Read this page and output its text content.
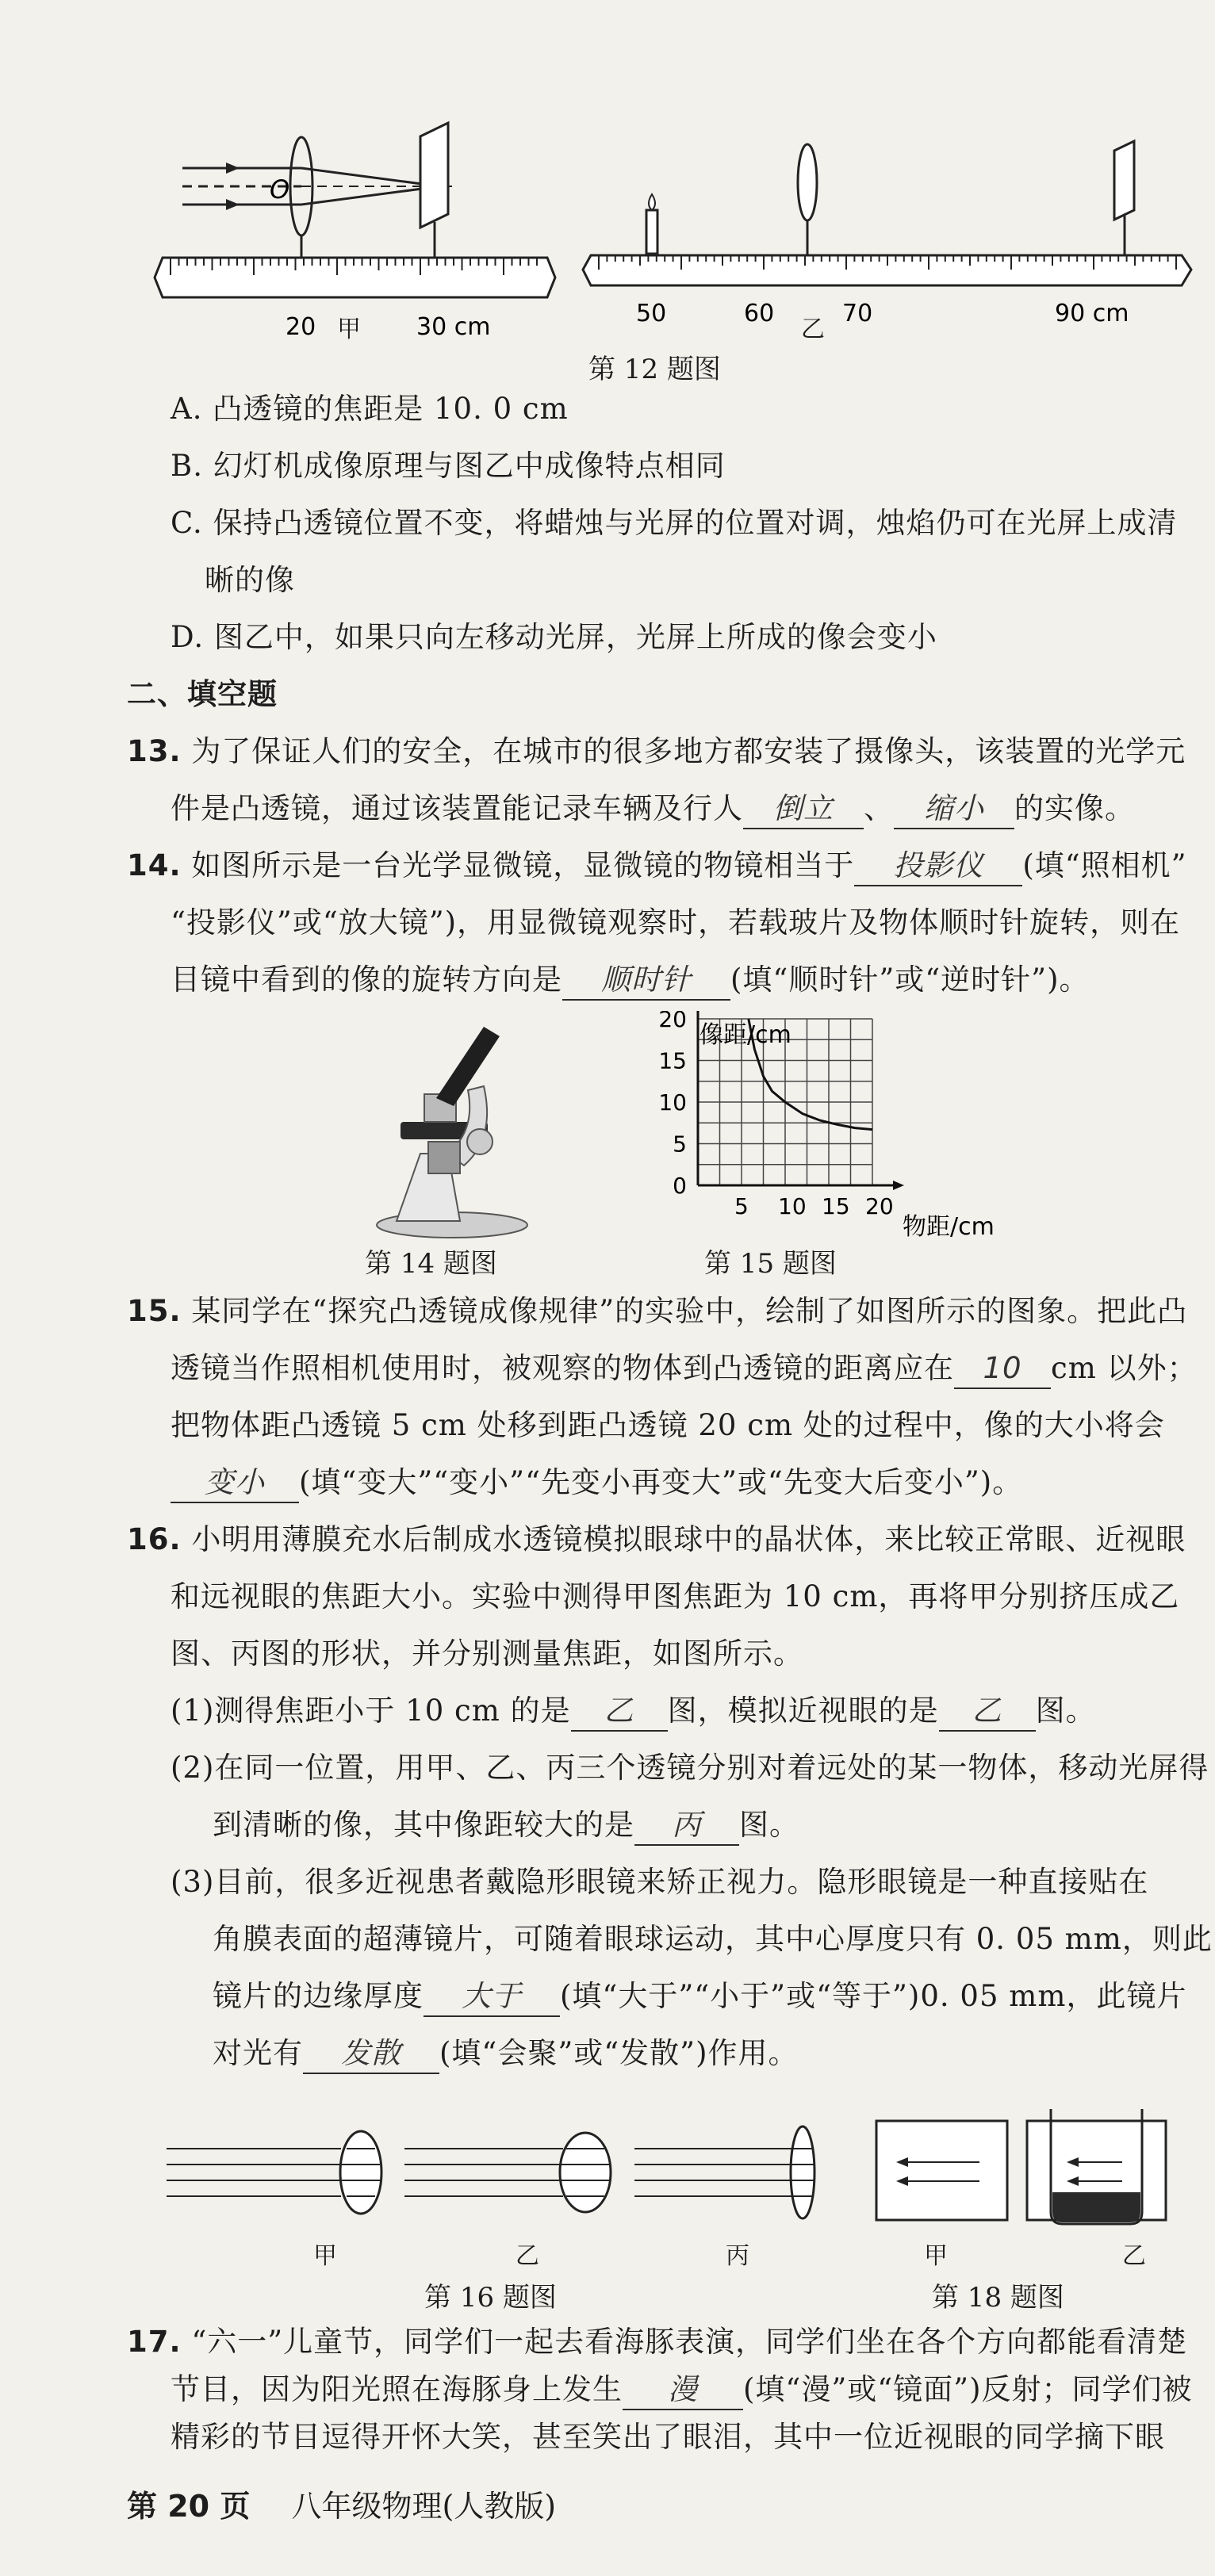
O
20	30 cm	50	60	70	90 cm
甲	乙
第 12 题图
A. 凸透镜的焦距是 10. 0 cm
B. 幻灯机成像原理与图乙中成像特点相同
C. 保持凸透镜位置不变，将蜡烛与光屏的位置对调，烛焰仍可在光屏上成清
晰的像
D. 图乙中，如果只向左移动光屏，光屏上所成的像会变小
二、填空题
13. 为了保证人们的安全，在城市的很多地方都安装了摄像头，该装置的光学元
件是凸透镜，通过该装置能记录车辆及行人 倒立 、 缩小 的实像。
14. 如图所示是一台光学显微镜，显微镜的物镜相当于 投影仪 (填“照相机”
“投影仪”或“放大镜”)，用显微镜观察时，若载玻片及物体顺时针旋转，则在
目镜中看到的像的旋转方向是 顺时针 (填“顺时针”或“逆时针”)。
第 14 题图
5 10 15 20
0
5
10
15
20
像距/cm
物距/cm
第 15 题图
15. 某同学在“探究凸透镜成像规律”的实验中，绘制了如图所示的图象。把此凸
透镜当作照相机使用时，被观察的物体到凸透镜的距离应在 10 cm 以外；
把物体距凸透镜 5 cm 处移到距凸透镜 20 cm 处的过程中，像的大小将会
变小 (填“变大”“变小”“先变小再变大”或“先变大后变小”)。
16. 小明用薄膜充水后制成水透镜模拟眼球中的晶状体，来比较正常眼、近视眼
和远视眼的焦距大小。实验中测得甲图焦距为 10 cm，再将甲分别挤压成乙
图、丙图的形状，并分别测量焦距，如图所示。
(1)测得焦距小于 10 cm 的是 乙 图，模拟近视眼的是 乙 图。
(2)在同一位置，用甲、乙、丙三个透镜分别对着远处的某一物体，移动光屏得
到清晰的像，其中像距较大的是 丙 图。
(3)目前，很多近视患者戴隐形眼镜来矫正视力。隐形眼镜是一种直接贴在
角膜表面的超薄镜片，可随着眼球运动，其中心厚度只有 0. 05 mm，则此
镜片的边缘厚度 大于 (填“大于”“小于”或“等于”)0. 05 mm，此镜片
对光有 发散 (填“会聚”或“发散”)作用。
甲	乙	丙	甲	乙
第 16 题图	第 18 题图
17. “六一”儿童节，同学们一起去看海豚表演，同学们坐在各个方向都能看清楚
节目，因为阳光照在海豚身上发生 漫 (填“漫”或“镜面”)反射；同学们被
精彩的节目逗得开怀大笑，甚至笑出了眼泪，其中一位近视眼的同学摘下眼
第 20 页 八年级物理(人教版)
